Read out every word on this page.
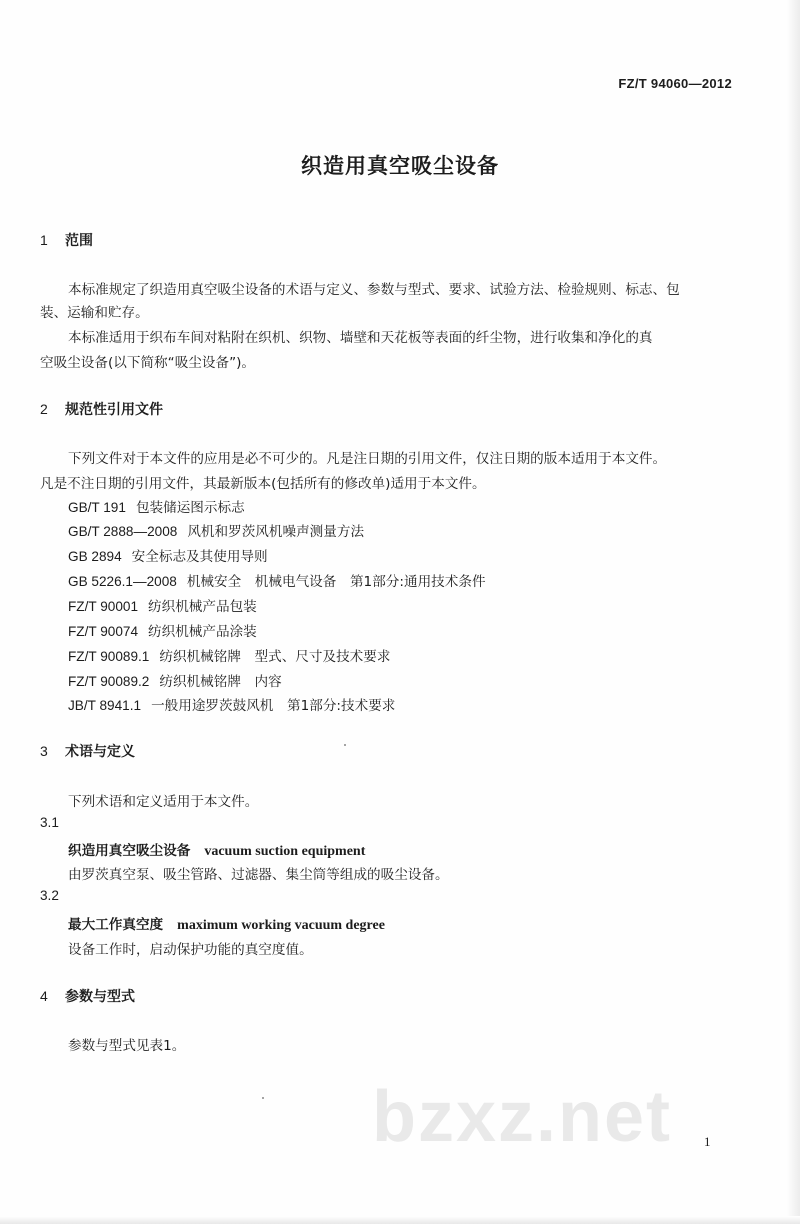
FZ/T 94060—2012
织造用真空吸尘设备
1 范围
本标准规定了织造用真空吸尘设备的术语与定义、参数与型式、要求、试验方法、检验规则、标志、包
装、运输和贮存。
本标准适用于织布车间对粘附在织机、织物、墙壁和天花板等表面的纤尘物，进行收集和净化的真
空吸尘设备(以下简称“吸尘设备”)。
2 规范性引用文件
下列文件对于本文件的应用是必不可少的。凡是注日期的引用文件，仅注日期的版本适用于本文件。
凡是不注日期的引用文件，其最新版本(包括所有的修改单)适用于本文件。
GB/T 191 包装储运图示标志
GB/T 2888—2008 风机和罗茨风机噪声测量方法
GB 2894 安全标志及其使用导则
GB 5226.1—2008 机械安全　机械电气设备　第1部分:通用技术条件
FZ/T 90001 纺织机械产品包装
FZ/T 90074 纺织机械产品涂装
FZ/T 90089.1 纺织机械铭牌　型式、尺寸及技术要求
FZ/T 90089.2 纺织机械铭牌　内容
JB/T 8941.1 一般用途罗茨鼓风机　第1部分:技术要求
3 术语与定义
下列术语和定义适用于本文件。
3.1
织造用真空吸尘设备 vacuum suction equipment
由罗茨真空泵、吸尘管路、过滤器、集尘筒等组成的吸尘设备。
3.2
最大工作真空度 maximum working vacuum degree
设备工作时，启动保护功能的真空度值。
4 参数与型式
参数与型式见表1。
bzxz.net 1
